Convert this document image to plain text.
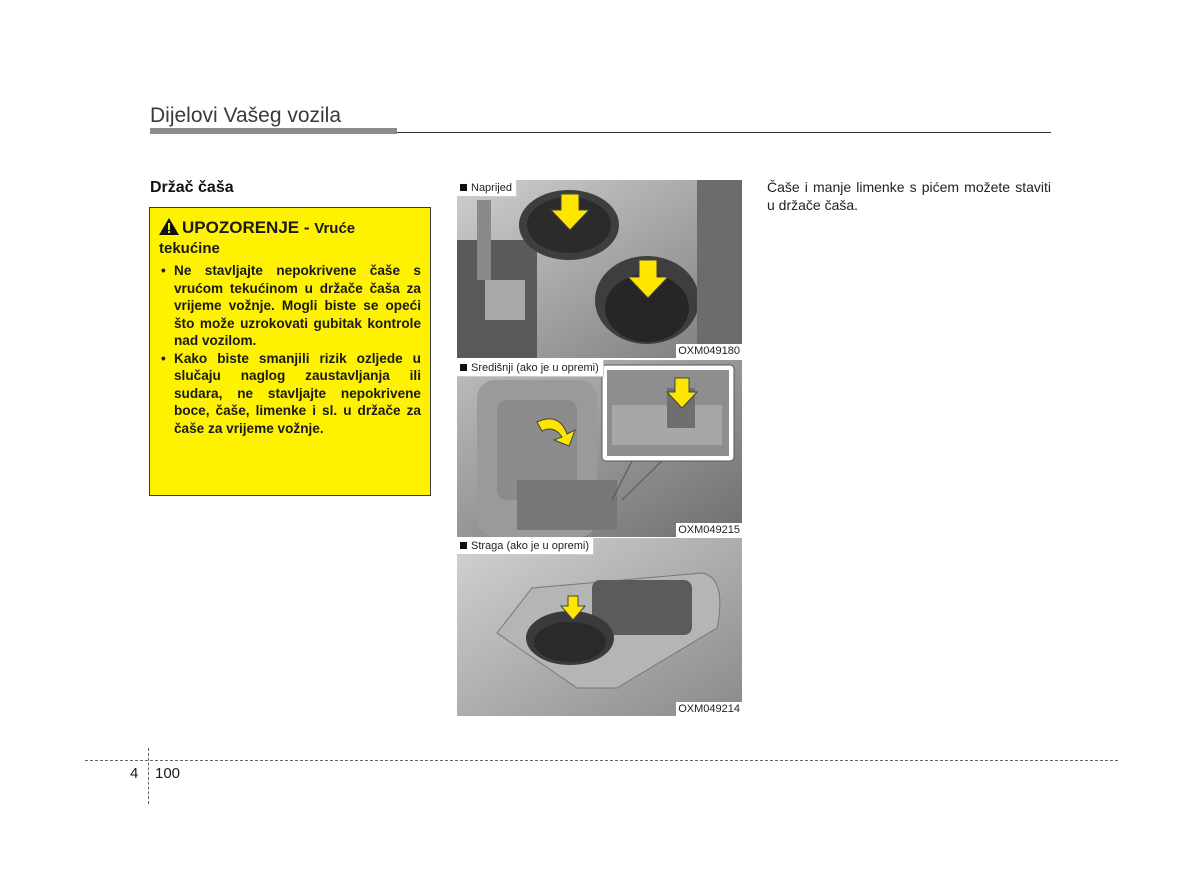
Dijelovi Vašeg vozila
Držač čaša
UPOZORENJE - Vruće
tekućine
• Ne stavljajte nepokrivene čaše s vrućom tekućinom u držače čaša za vrijeme vožnje. Mogli biste se opeći što može uzrokovati gubitak kontrole nad vozilom.
• Kako biste smanjili rizik ozljede u slučaju naglog zaustavljanja ili sudara, ne stavljajte nepokrivene boce, čaše, limenke i sl. u držače za čaše za vrijeme vožnje.
Naprijed
OXM049180
Središnji (ako je u opremi)
OXM049215
Straga (ako je u opremi)
OXM049214
Čaše i manje limenke s pićem možete staviti u držače čaša.
4 100
